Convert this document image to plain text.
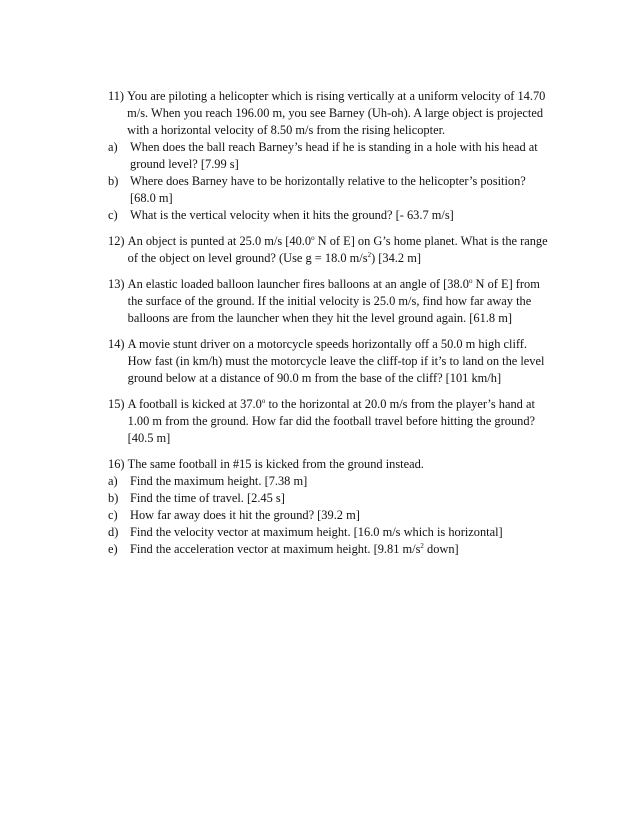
11) You are piloting a helicopter which is rising vertically at a uniform velocity of 14.70 m/s. When you reach 196.00 m, you see Barney (Uh-oh). A large object is projected with a horizontal velocity of 8.50 m/s from the rising helicopter.
a) When does the ball reach Barney’s head if he is standing in a hole with his head at ground level? [7.99 s]
b) Where does Barney have to be horizontally relative to the helicopter’s position? [68.0 m]
c) What is the vertical velocity when it hits the ground? [- 63.7 m/s]
12) An object is punted at 25.0 m/s [40.0$^o$ N of E] on G’s home planet. What is the range of the object on level ground? (Use g = 18.0 $m/s^2$) [34.2 m]
13) An elastic loaded balloon launcher fires balloons at an angle of [38.0$^o$ N of E] from the surface of the ground. If the initial velocity is 25.0 m/s, find how far away the balloons are from the launcher when they hit the level ground again. [61.8 m]
14) A movie stunt driver on a motorcycle speeds horizontally off a 50.0 m high cliff. How fast (in km/h) must the motorcycle leave the cliff-top if it’s to land on the level ground below at a distance of 90.0 m from the base of the cliff? [101 km/h]
15) A football is kicked at 37.0$^o$ to the horizontal at 20.0 m/s from the player’s hand at 1.00 m from the ground. How far did the football travel before hitting the ground? [40.5 m]
16) The same football in #15 is kicked from the ground instead.
a) Find the maximum height. [7.38 m]
b) Find the time of travel. [2.45 s]
c) How far away does it hit the ground? [39.2 m]
d) Find the velocity vector at maximum height. [16.0 m/s which is horizontal]
e) Find the acceleration vector at maximum height. [9.81 $m/s^2$ down]
